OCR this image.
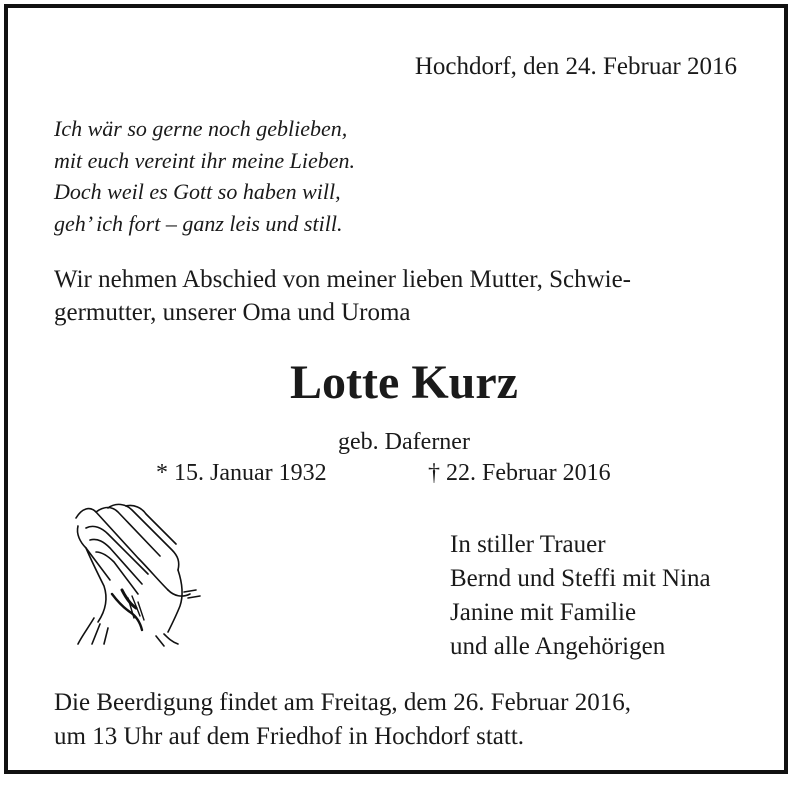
Hochdorf, den 24. Februar 2016
Ich wär so gerne noch geblieben,
mit euch vereint ihr meine Lieben.
Doch weil es Gott so haben will,
geh’ ich fort – ganz leis und still.
Wir nehmen Abschied von meiner lieben Mutter, Schwie-
germutter, unserer Oma und Uroma
Lotte Kurz
geb. Daferner
* 15. Januar 1932	† 22. Februar 2016
In stiller Trauer
Bernd und Steffi mit Nina
Janine mit Familie
und alle Angehörigen
Die Beerdigung findet am Freitag, dem 26. Februar 2016,
um 13 Uhr auf dem Friedhof in Hochdorf statt.
